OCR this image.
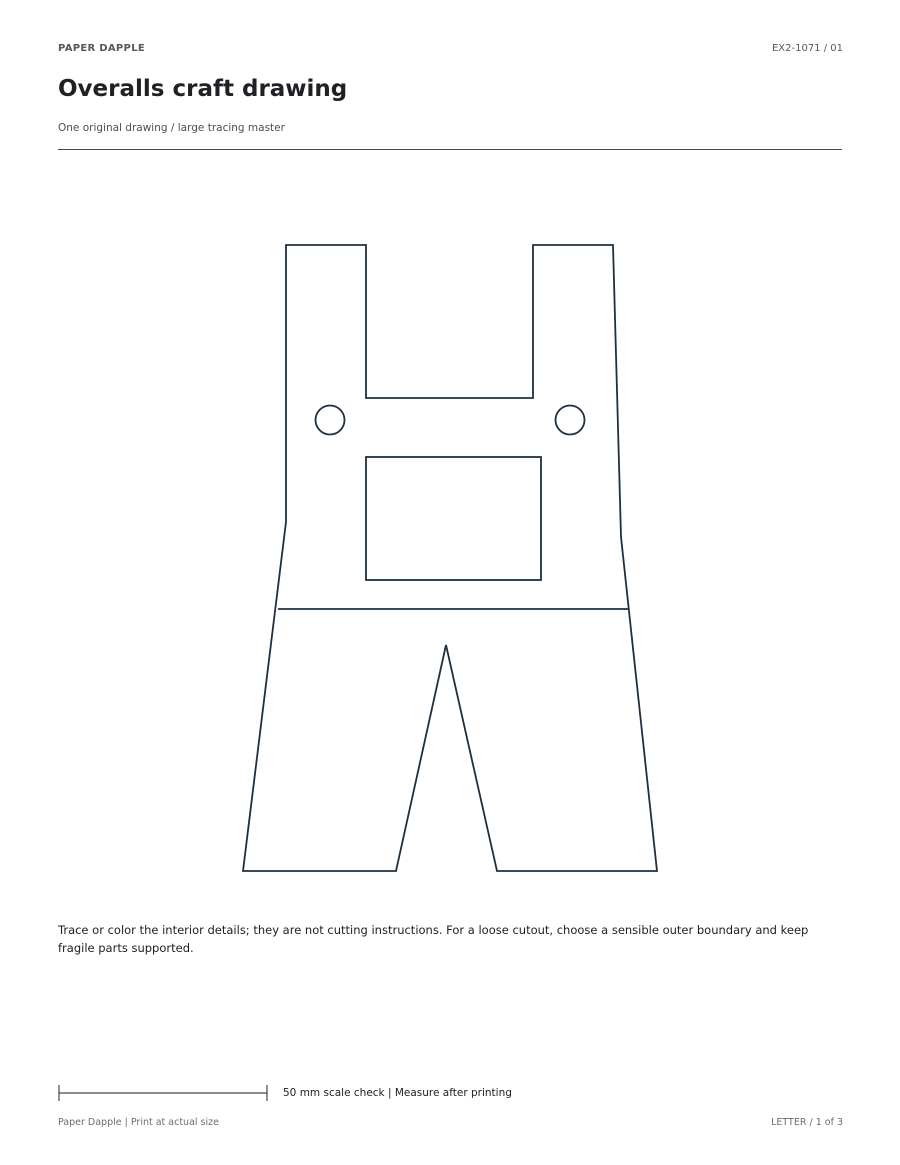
PAPER DAPPLE	EX2-1071 / 01
Overalls craft drawing
One original drawing / large tracing master
Trace or color the interior details; they are not cutting instructions. For a loose cutout, choose a sensible outer boundary and keep fragile parts supported.
50 mm scale check | Measure after printing
Paper Dapple | Print at actual size	LETTER / 1 of 3
